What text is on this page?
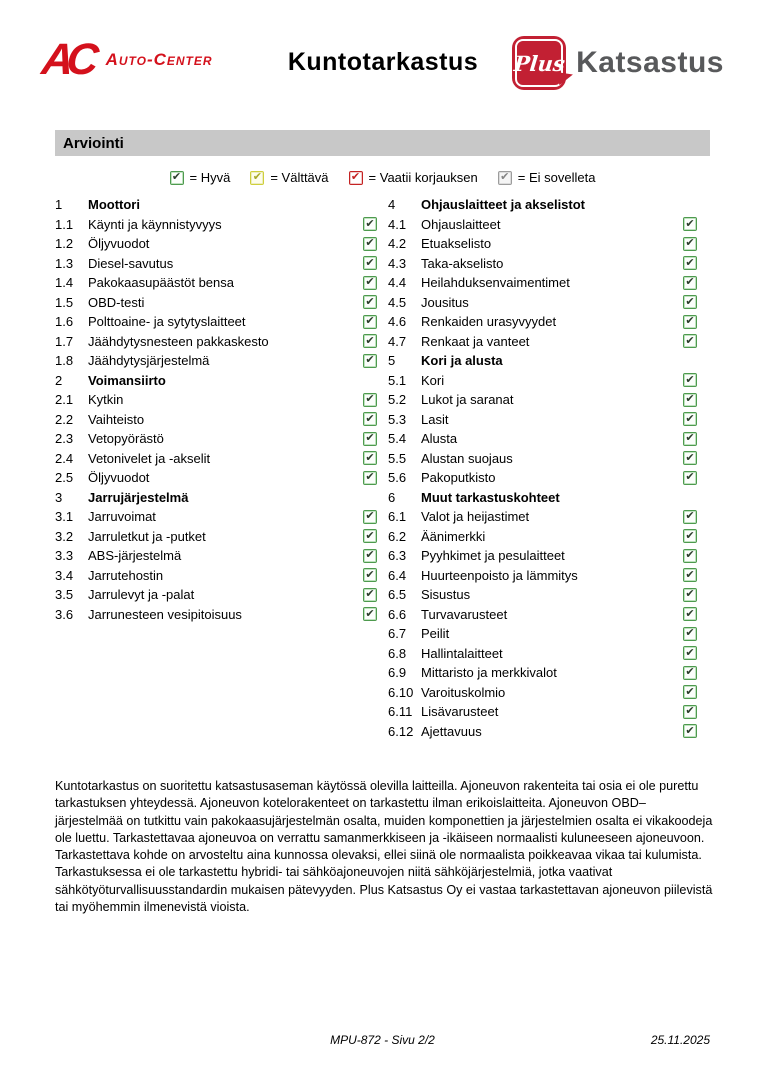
AC Auto-Center	Kuntotarkastus	Plus Katsastus
Arviointi
✔ = Hyvä ✔ = Välttävä ✔ = Vaatii korjauksen ✔ = Ei sovelleta
1	Moottori
1.1	Käynti ja käynnistyvyys	✔
1.2	Öljyvuodot	✔
1.3	Diesel-savutus	✔
1.4	Pakokaasupäästöt bensa	✔
1.5	OBD-testi	✔
1.6	Polttoaine- ja sytytyslaitteet	✔
1.7	Jäähdytysnesteen pakkaskesto	✔
1.8	Jäähdytysjärjestelmä	✔
2	Voimansiirto
2.1	Kytkin	✔
2.2	Vaihteisto	✔
2.3	Vetopyörästö	✔
2.4	Vetonivelet ja -akselit	✔
2.5	Öljyvuodot	✔
3	Jarrujärjestelmä
3.1	Jarruvoimat	✔
3.2	Jarruletkut ja -putket	✔
3.3	ABS-järjestelmä	✔
3.4	Jarrutehostin	✔
3.5	Jarrulevyt ja -palat	✔
3.6	Jarrunesteen vesipitoisuus	✔
4	Ohjauslaitteet ja akselistot
4.1	Ohjauslaitteet	✔
4.2	Etuakselisto	✔
4.3	Taka-akselisto	✔
4.4	Heilahduksenvaimentimet	✔
4.5	Jousitus	✔
4.6	Renkaiden urasyvyydet	✔
4.7	Renkaat ja vanteet	✔
5	Kori ja alusta
5.1	Kori	✔
5.2	Lukot ja saranat	✔
5.3	Lasit	✔
5.4	Alusta	✔
5.5	Alustan suojaus	✔
5.6	Pakoputkisto	✔
6	Muut tarkastuskohteet
6.1	Valot ja heijastimet	✔
6.2	Äänimerkki	✔
6.3	Pyyhkimet ja pesulaitteet	✔
6.4	Huurteenpoisto ja lämmitys	✔
6.5	Sisustus	✔
6.6	Turvavarusteet	✔
6.7	Peilit	✔
6.8	Hallintalaitteet	✔
6.9	Mittaristo ja merkkivalot	✔
6.10 Varoituskolmio	✔
6.11 Lisävarusteet	✔
6.12 Ajettavuus	✔
Kuntotarkastus on suoritettu katsastusaseman käytössä olevilla laitteilla. Ajoneuvon rakenteita tai osia ei ole purettu tarkastuksen yhteydessä. Ajoneuvon kotelorakenteet on tarkastettu ilman erikoislaitteita. Ajoneuvon OBD–järjestelmää on tutkittu vain pakokaasujärjestelmän osalta, muiden komponettien ja järjestelmien osalta ei vikakoodeja ole luettu. Tarkastettavaa ajoneuvoa on verrattu samanmerkkiseen ja -ikäiseen normaalisti kuluneeseen ajoneuvoon. Tarkastettava kohde on arvosteltu aina kunnossa olevaksi, ellei siinä ole normaalista poikkeavaa vikaa tai kulumista. Tarkastuksessa ei ole tarkastettu hybridi- tai sähköajoneuvojen niitä sähköjärjestelmiä, jotka vaativat sähkötyöturvallisuusstandardin mukaisen pätevyyden. Plus Katsastus Oy ei vastaa tarkastettavan ajoneuvon piilevistä tai myöhemmin ilmenevistä vioista.
MPU-872 - Sivu 2/2	25.11.2025
